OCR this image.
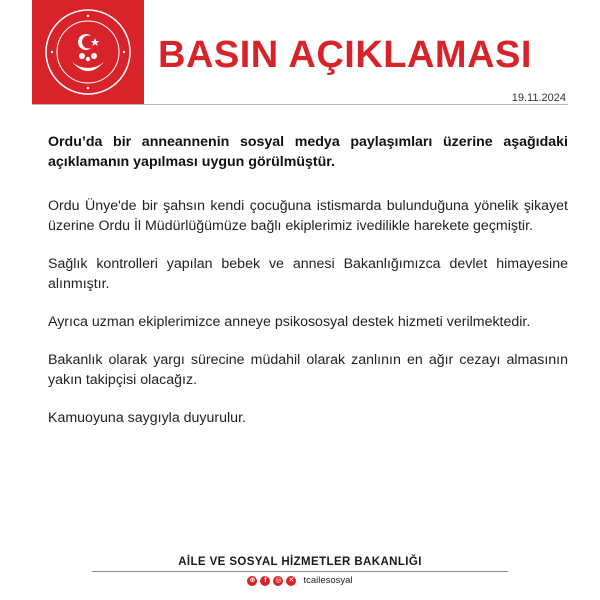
BASIN AÇIKLAMASI
19.11.2024

Ordu’da bir anneannenin sosyal medya paylaşımları üzerine aşağıdaki açıklamanın yapılması uygun görülmüştür.

Ordu Ünye'de bir şahsın kendi çocuğuna istismarda bulunduğuna yönelik şikayet üzerine Ordu İl Müdürlüğümüze bağlı ekiplerimiz ivedilikle harekete geçmiştir.

Sağlık kontrolleri yapılan bebek ve annesi Bakanlığımızca devlet himayesine alınmıştır.

Ayrıca uzman ekiplerimizce anneye psikososyal destek hizmeti verilmektedir.

Bakanlık olarak yargı sürecine müdahil olarak zanlının en ağır cezayı almasının yakın takipçisi olacağız.

Kamuoyuna saygıyla duyurulur.

AİLE VE SOSYAL HİZMETLER BAKANLIĞI
⊕	f	◎ ✕ tcailesosyal
